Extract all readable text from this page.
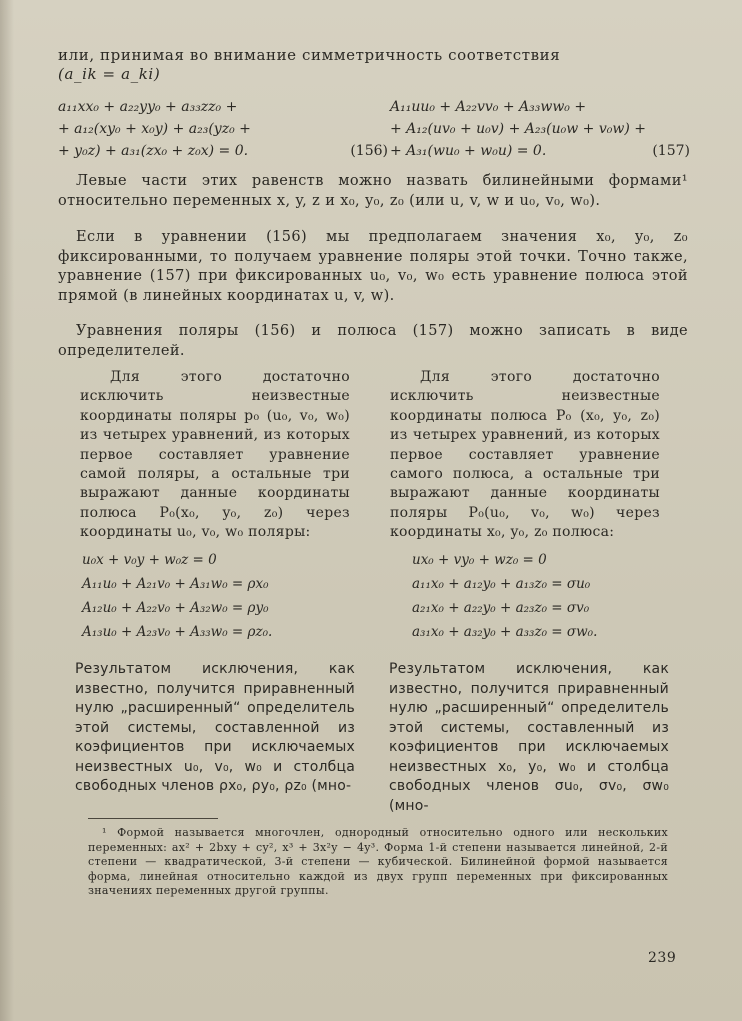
или, принимая во внимание симметричность соответствия
(a_ik = a_ki)
a₁₁xx₀ + a₂₂yy₀ + a₃₃zz₀ +
+ a₁₂(xy₀ + x₀y) + a₂₃(yz₀ +
+ y₀z) + a₃₁(zx₀ + z₀x) = 0.	(156)
A₁₁uu₀ + A₂₂vv₀ + A₃₃ww₀ +
+ A₁₂(uv₀ + u₀v) + A₂₃(u₀w + v₀w) +
+ A₃₁(wu₀ + w₀u) = 0.	(157)
Левые части этих равенств можно назвать билинейными формами¹ относительно переменных x, y, z и x₀, y₀, z₀ (или u, v, w и u₀, v₀, w₀).
Если в уравнении (156) мы предполагаем значения x₀, y₀, z₀ фиксированными, то получаем уравнение поляры этой точки. Точно также, уравнение (157) при фиксированных u₀, v₀, w₀ есть уравнение полюса этой прямой (в линейных координатах u, v, w).
Уравнения поляры (156) и полюса (157) можно записать в виде определителей.
Для этого достаточно исключить неизвестные координаты поляры p₀ (u₀, v₀, w₀) из четырех уравнений, из которых первое составляет уравнение самой поляры, а остальные три выражают данные координаты полюса P₀(x₀, y₀, z₀) через координаты u₀, v₀, w₀ поляры:
Для этого достаточно исключить неизвестные координаты полюса P₀ (x₀, y₀, z₀) из четырех уравнений, из которых первое составляет уравнение самого полюса, а остальные три выражают данные координаты поляры P₀(u₀, v₀, w₀) через координаты x₀, y₀, z₀ полюса:
u₀x + v₀y + w₀z = 0
A₁₁u₀ + A₂₁v₀ + A₃₁w₀ = ρx₀
A₁₂u₀ + A₂₂v₀ + A₃₂w₀ = ρy₀
A₁₃u₀ + A₂₃v₀ + A₃₃w₀ = ρz₀.
ux₀ + vy₀ + wz₀ = 0
a₁₁x₀ + a₁₂y₀ + a₁₃z₀ = σu₀
a₂₁x₀ + a₂₂y₀ + a₂₃z₀ = σv₀
a₃₁x₀ + a₃₂y₀ + a₃₃z₀ = σw₀.
Результатом исключения, как известно, получится приравненный нулю „расширенный“ определитель этой системы, составленной из коэфициентов при исключаемых неизвестных u₀, v₀, w₀ и столбца свободных членов ρx₀, ρy₀, ρz₀ (мно-
Результатом исключения, как известно, получится приравненный нулю „расширенный“ определитель этой системы, составленный из коэфициентов при исключаемых неизвестных x₀, y₀, w₀ и столбца свободных членов σu₀, σv₀, σw₀ (мно-
¹ Формой называется многочлен, однородный относительно одного или нескольких переменных: ax² + 2bxy + cy², x³ + 3x²y − 4y³. Форма 1-й степени называется линейной, 2-й степени — квадратической, 3-й степени — кубической. Билинейной формой называется форма, линейная относительно каждой из двух групп переменных при фиксированных значениях переменных другой группы.
239
